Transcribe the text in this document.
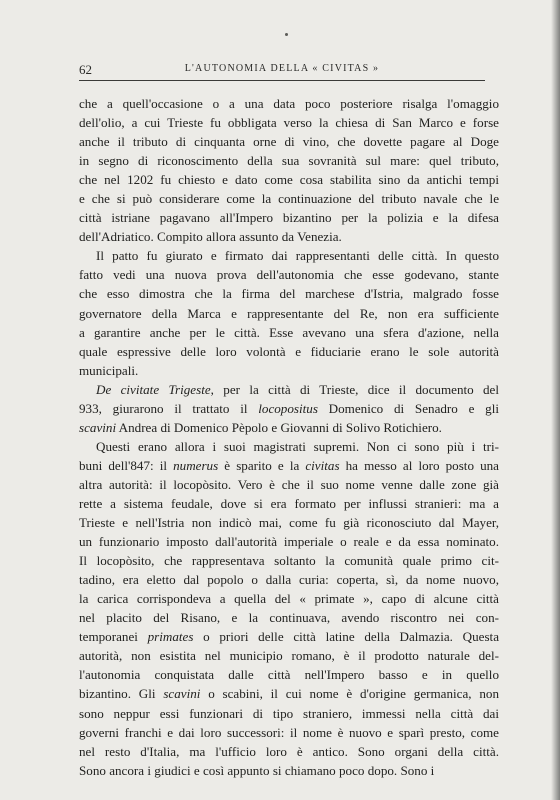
62	L'AUTONOMIA DELLA « CIVITAS »
che a quell'occasione o a una data poco posteriore risalga l'omaggio
dell'olio, a cui Trieste fu obbligata verso la chiesa di San Marco e forse
anche il tributo di cinquanta orne di vino, che dovette pagare al Doge
in segno di riconoscimento della sua sovranità sul mare: quel tributo,
che nel 1202 fu chiesto e dato come cosa stabilita sino da antichi tempi
e che si può considerare come la continuazione del tributo navale che le
città istriane pagavano all'Impero bizantino per la polizia e la difesa
dell'Adriatico. Compito allora assunto da Venezia.
Il patto fu giurato e firmato dai rappresentanti delle città. In questo
fatto vedi una nuova prova dell'autonomia che esse godevano, stante
che esso dimostra che la firma del marchese d'Istria, malgrado fosse
governatore della Marca e rappresentante del Re, non era sufficiente
a garantire anche per le città. Esse avevano una sfera d'azione, nella
quale espressive delle loro volontà e fiduciarie erano le sole autorità
municipali.
De civitate Trigeste, per la città di Trieste, dice il documento del
933, giurarono il trattato il locopositus Domenico di Senadro e gli
scavini Andrea di Domenico Pèpolo e Giovanni di Solivo Rotichiero.
Questi erano allora i suoi magistrati supremi. Non ci sono più i tri-
buni dell'847: il numerus è sparito e la civitas ha messo al loro posto una
altra autorità: il locopòsito. Vero è che il suo nome venne dalle zone già
rette a sistema feudale, dove si era formato per influssi stranieri: ma a
Trieste e nell'Istria non indicò mai, come fu già riconosciuto dal Mayer,
un funzionario imposto dall'autorità imperiale o reale e da essa nominato.
Il locopòsito, che rappresentava soltanto la comunità quale primo cit-
tadino, era eletto dal popolo o dalla curia: coperta, sì, da nome nuovo,
la carica corrispondeva a quella del « primate », capo di alcune città
nel placito del Risano, e la continuava, avendo riscontro nei con-
temporanei primates o priori delle città latine della Dalmazia. Questa
autorità, non esistita nel municipio romano, è il prodotto naturale del-
l'autonomia conquistata dalle città nell'Impero basso e in quello
bizantino. Gli scavini o scabini, il cui nome è d'origine germanica, non
sono neppur essi funzionari di tipo straniero, immessi nella città dai
governi franchi e dai loro successori: il nome è nuovo e sparì presto, come
nel resto d'Italia, ma l'ufficio loro è antico. Sono organi della città.
Sono ancora i giudici e così appunto si chiamano poco dopo. Sono i
